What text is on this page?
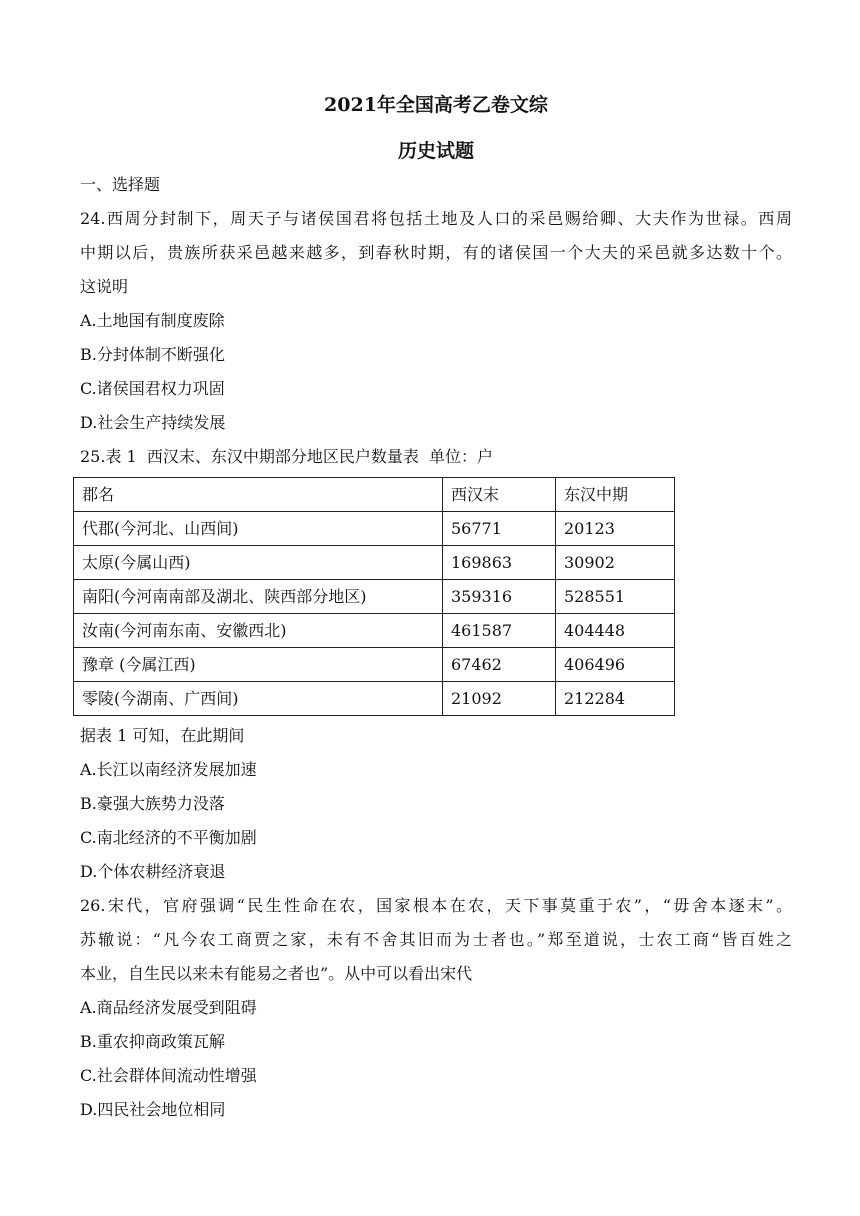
2021年全国高考乙卷文综
历史试题
一、选择题
24.西周分封制下，周天子与诸侯国君将包括土地及人口的采邑赐给卿、大夫作为世禄。西周
中期以后，贵族所获采邑越来越多，到春秋时期，有的诸侯国一个大夫的采邑就多达数十个。
这说明
A.土地国有制度废除
B.分封体制不断强化
C.诸侯国君权力巩固
D.社会生产持续发展
25.表 1  西汉末、东汉中期部分地区民户数量表  单位：户
郡名	西汉末	东汉中期
代郡(今河北、山西间)	56771	20123
太原(今属山西)	169863	30902
南阳(今河南南部及湖北、陕西部分地区)	359316	528551
汝南(今河南东南、安徽西北)	461587	404448
豫章 (今属江西)	67462	406496
零陵(今湖南、广西间)	21092	212284
据表 1 可知，在此期间
A.长江以南经济发展加速
B.豪强大族势力没落
C.南北经济的不平衡加剧
D.个体农耕经济衰退
26.宋代，官府强调“民生性命在农，国家根本在农，天下事莫重于农”，“毋舍本逐末”。
苏辙说：“凡今农工商贾之家，未有不舍其旧而为士者也。”郑至道说，士农工商“皆百姓之
本业，自生民以来未有能易之者也”。从中可以看出宋代
A.商品经济发展受到阻碍
B.重农抑商政策瓦解
C.社会群体间流动性增强
D.四民社会地位相同
